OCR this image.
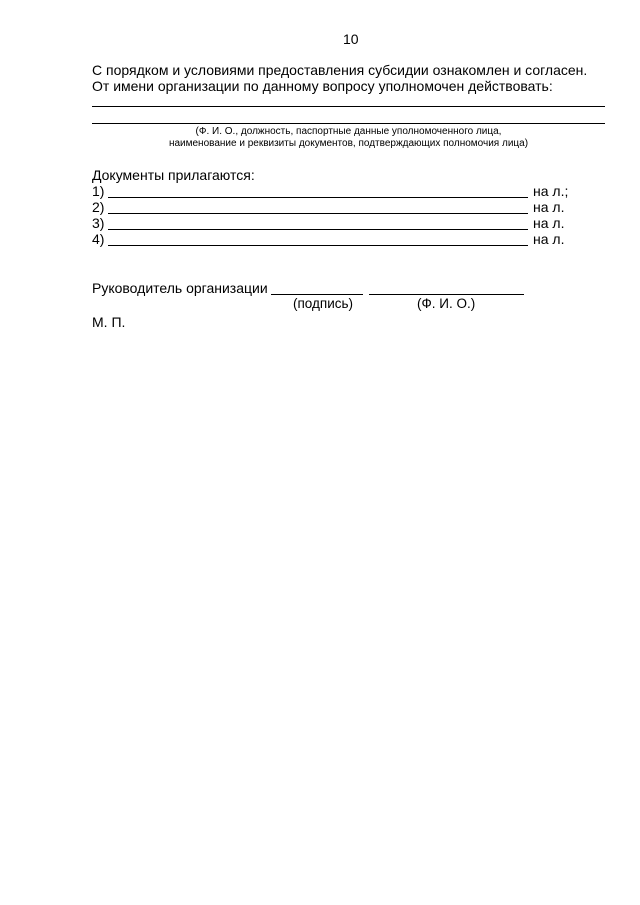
10
С порядком и условиями предоставления субсидии ознакомлен и согласен.
От имени организации по данному вопросу уполномочен действовать:
(Ф. И. О., должность, паспортные данные уполномоченного лица,
наименование и реквизиты документов, подтверждающих полномочия лица)
Документы прилагаются:
1)	на л.;
2)	на л.
3)	на л.
4)	на л.
Руководитель организации
(подпись)	(Ф. И. О.)
М. П.
